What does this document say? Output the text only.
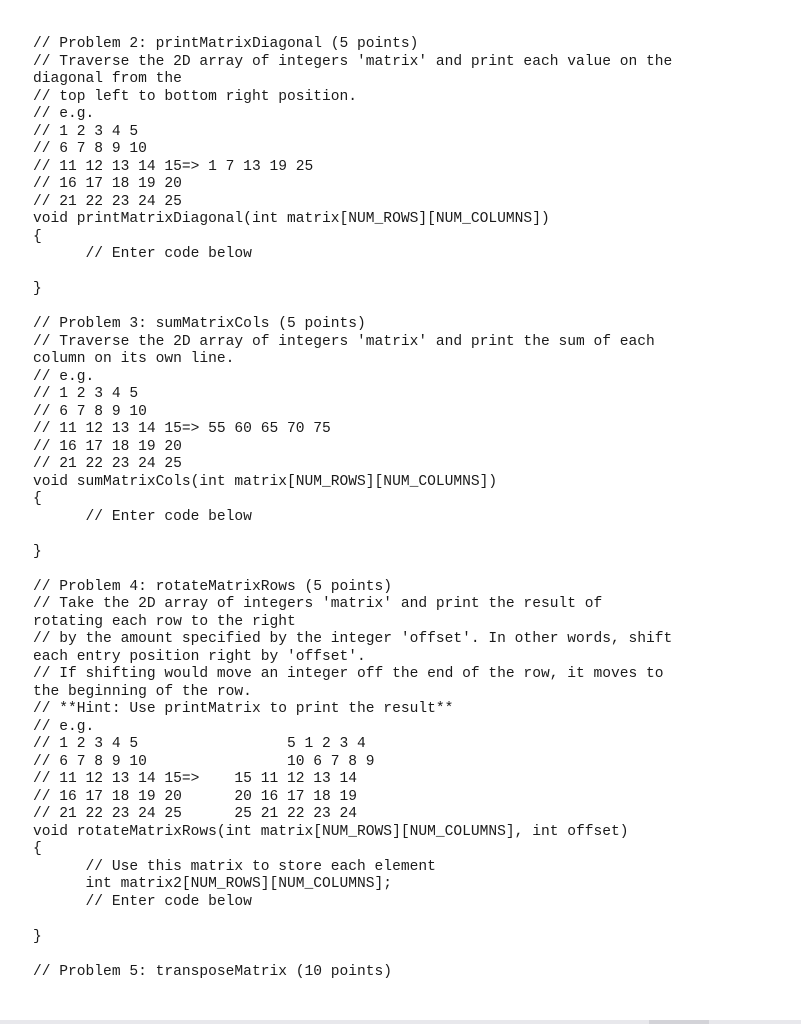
// Problem 2: printMatrixDiagonal (5 points)
// Traverse the 2D array of integers 'matrix' and print each value on the
diagonal from the
// top left to bottom right position.
// e.g.
// 1 2 3 4 5
// 6 7 8 9 10
// 11 12 13 14 15=> 1 7 13 19 25
// 16 17 18 19 20
// 21 22 23 24 25
void printMatrixDiagonal(int matrix[NUM_ROWS][NUM_COLUMNS])
{
// Enter code below
}
// Problem 3: sumMatrixCols (5 points)
// Traverse the 2D array of integers 'matrix' and print the sum of each
column on its own line.
// e.g.
// 1 2 3 4 5
// 6 7 8 9 10
// 11 12 13 14 15=> 55 60 65 70 75
// 16 17 18 19 20
// 21 22 23 24 25
void sumMatrixCols(int matrix[NUM_ROWS][NUM_COLUMNS])
{
// Enter code below
}
// Problem 4: rotateMatrixRows (5 points)
// Take the 2D array of integers 'matrix' and print the result of
rotating each row to the right
// by the amount specified by the integer 'offset'. In other words, shift
each entry position right by 'offset'.
// If shifting would move an integer off the end of the row, it moves to
the beginning of the row.
// **Hint: Use printMatrix to print the result**
// e.g.
// 1 2 3 4 5                 5 1 2 3 4
// 6 7 8 9 10                10 6 7 8 9
// 11 12 13 14 15=>    15 11 12 13 14
// 16 17 18 19 20      20 16 17 18 19
// 21 22 23 24 25      25 21 22 23 24
void rotateMatrixRows(int matrix[NUM_ROWS][NUM_COLUMNS], int offset)
{
// Use this matrix to store each element
int matrix2[NUM_ROWS][NUM_COLUMNS];
// Enter code below
}
// Problem 5: transposeMatrix (10 points)
